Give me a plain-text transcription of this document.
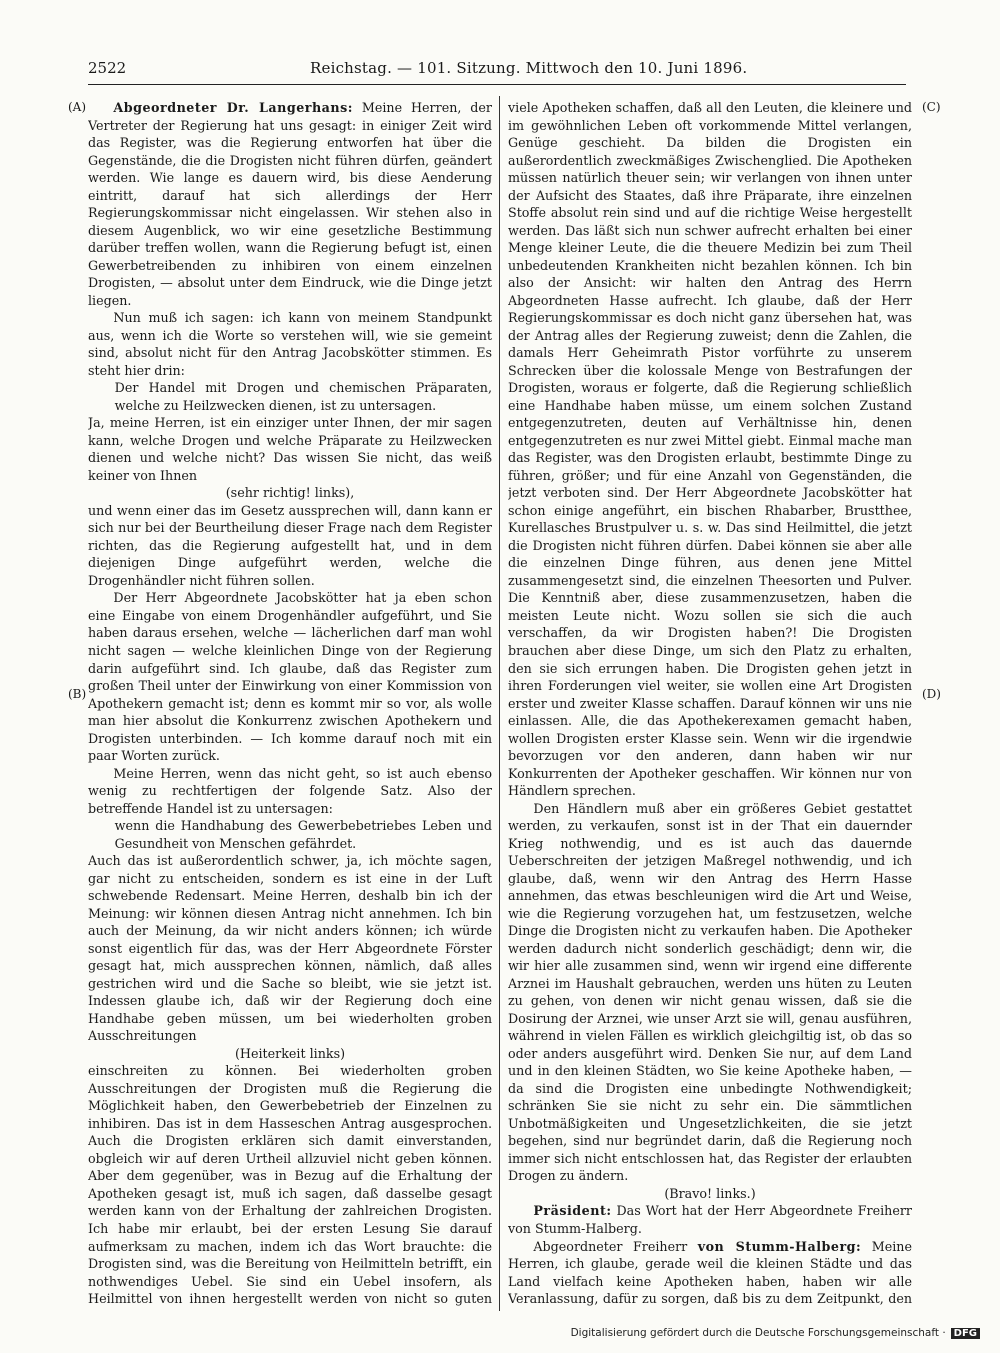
2522	Reichstag. — 101. Sitzung. Mittwoch den 10. Juni 1896.
(A)
(B)
(C)
(D)

Abgeordneter Dr. Langerhans: Meine Herren, der Vertreter der Regierung hat uns gesagt: in einiger Zeit wird das Register, was die Regierung entworfen hat über die Gegenstände, die die Drogisten nicht führen dürfen, geändert werden. Wie lange es dauern wird, bis diese Aenderung eintritt, darauf hat sich allerdings der Herr Regierungskommissar nicht eingelassen. Wir stehen also in diesem Augenblick, wo wir eine gesetzliche Bestimmung darüber treffen wollen, wann die Regierung befugt ist, einen Gewerbetreibenden zu inhibiren von einem einzelnen Drogisten, — absolut unter dem Eindruck, wie die Dinge jetzt liegen.

Nun muß ich sagen: ich kann von meinem Standpunkt aus, wenn ich die Worte so verstehen will, wie sie gemeint sind, absolut nicht für den Antrag Jacobskötter stimmen. Es steht hier drin:

Der Handel mit Drogen und chemischen Präparaten, welche zu Heilzwecken dienen, ist zu untersagen.

Ja, meine Herren, ist ein einziger unter Ihnen, der mir sagen kann, welche Drogen und welche Präparate zu Heilzwecken dienen und welche nicht? Das wissen Sie nicht, das weiß keiner von Ihnen

(sehr richtig! links),

und wenn einer das im Gesetz aussprechen will, dann kann er sich nur bei der Beurtheilung dieser Frage nach dem Register richten, das die Regierung aufgestellt hat, und in dem diejenigen Dinge aufgeführt werden, welche die Drogenhändler nicht führen sollen.

Der Herr Abgeordnete Jacobskötter hat ja eben schon eine Eingabe von einem Drogenhändler aufgeführt, und Sie haben daraus ersehen, welche — lächerlichen darf man wohl nicht sagen — welche kleinlichen Dinge von der Regierung darin aufgeführt sind. Ich glaube, daß das Register zum großen Theil unter der Einwirkung von einer Kommission von Apothekern gemacht ist; denn es kommt mir so vor, als wolle man hier absolut die Konkurrenz zwischen Apothekern und Drogisten unterbinden. — Ich komme darauf noch mit ein paar Worten zurück.

Meine Herren, wenn das nicht geht, so ist auch ebenso wenig zu rechtfertigen der folgende Satz. Also der betreffende Handel ist zu untersagen:

wenn die Handhabung des Gewerbebetriebes Leben und Gesundheit von Menschen gefährdet.

Auch das ist außerordentlich schwer, ja, ich möchte sagen, gar nicht zu entscheiden, sondern es ist eine in der Luft schwebende Redensart. Meine Herren, deshalb bin ich der Meinung: wir können diesen Antrag nicht annehmen. Ich bin auch der Meinung, da wir nicht anders können; ich würde sonst eigentlich für das, was der Herr Abgeordnete Förster gesagt hat, mich aussprechen können, nämlich, daß alles gestrichen wird und die Sache so bleibt, wie sie jetzt ist. Indessen glaube ich, daß wir der Regierung doch eine Handhabe geben müssen, um bei wiederholten groben Ausschreitungen

(Heiterkeit links)

einschreiten zu können. Bei wiederholten groben Ausschreitungen der Drogisten muß die Regierung die Möglichkeit haben, den Gewerbebetrieb der Einzelnen zu inhibiren. Das ist in dem Hasseschen Antrag ausgesprochen. Auch die Drogisten erklären sich damit einverstanden, obgleich wir auf deren Urtheil allzuviel nicht geben können. Aber dem gegenüber, was in Bezug auf die Erhaltung der Apotheken gesagt ist, muß ich sagen, daß dasselbe gesagt werden kann von der Erhaltung der zahlreichen Drogisten. Ich habe mir erlaubt, bei der ersten Lesung Sie darauf aufmerksam zu machen, indem ich das Wort brauchte: die Drogisten sind, was die Bereitung von Heilmitteln betrifft, ein nothwendiges Uebel. Sie sind ein Uebel insofern, als Heilmittel von ihnen hergestellt werden von nicht so guten

viele Apotheken schaffen, daß all den Leuten, die kleinere und im gewöhnlichen Leben oft vorkommende Mittel verlangen, Genüge geschieht. Da bilden die Drogisten ein außerordentlich zweckmäßiges Zwischenglied. Die Apotheken müssen natürlich theuer sein; wir verlangen von ihnen unter der Aufsicht des Staates, daß ihre Präparate, ihre einzelnen Stoffe absolut rein sind und auf die richtige Weise hergestellt werden. Das läßt sich nun schwer aufrecht erhalten bei einer Menge kleiner Leute, die die theuere Medizin bei zum Theil unbedeutenden Krankheiten nicht bezahlen können. Ich bin also der Ansicht: wir halten den Antrag des Herrn Abgeordneten Hasse aufrecht. Ich glaube, daß der Herr Regierungskommissar es doch nicht ganz übersehen hat, was der Antrag alles der Regierung zuweist; denn die Zahlen, die damals Herr Geheimrath Pistor vorführte zu unserem Schrecken über die kolossale Menge von Bestrafungen der Drogisten, woraus er folgerte, daß die Regierung schließlich eine Handhabe haben müsse, um einem solchen Zustand entgegenzutreten, deuten auf Verhältnisse hin, denen entgegenzutreten es nur zwei Mittel giebt. Einmal mache man das Register, was den Drogisten erlaubt, bestimmte Dinge zu führen, größer; und für eine Anzahl von Gegenständen, die jetzt verboten sind. Der Herr Abgeordnete Jacobskötter hat schon einige angeführt, ein bischen Rhabarber, Brustthee, Kurellasches Brustpulver u. s. w. Das sind Heilmittel, die jetzt die Drogisten nicht führen dürfen. Dabei können sie aber alle die einzelnen Dinge führen, aus denen jene Mittel zusammengesetzt sind, die einzelnen Theesorten und Pulver. Die Kenntniß aber, diese zusammenzusetzen, haben die meisten Leute nicht. Wozu sollen sie sich die auch verschaffen, da wir Drogisten haben?! Die Drogisten brauchen aber diese Dinge, um sich den Platz zu erhalten, den sie sich errungen haben. Die Drogisten gehen jetzt in ihren Forderungen viel weiter, sie wollen eine Art Drogisten erster und zweiter Klasse schaffen. Darauf können wir uns nie einlassen. Alle, die das Apothekerexamen gemacht haben, wollen Drogisten erster Klasse sein. Wenn wir die irgendwie bevorzugen vor den anderen, dann haben wir nur Konkurrenten der Apotheker geschaffen. Wir können nur von Händlern sprechen.

Den Händlern muß aber ein größeres Gebiet gestattet werden, zu verkaufen, sonst ist in der That ein dauernder Krieg nothwendig, und es ist auch das dauernde Ueberschreiten der jetzigen Maßregel nothwendig, und ich glaube, daß, wenn wir den Antrag des Herrn Hasse annehmen, das etwas beschleunigen wird die Art und Weise, wie die Regierung vorzugehen hat, um festzusetzen, welche Dinge die Drogisten nicht zu verkaufen haben. Die Apotheker werden dadurch nicht sonderlich geschädigt; denn wir, die wir hier alle zusammen sind, wenn wir irgend eine differente Arznei im Haushalt gebrauchen, werden uns hüten zu Leuten zu gehen, von denen wir nicht genau wissen, daß sie die Dosirung der Arznei, wie unser Arzt sie will, genau ausführen, während in vielen Fällen es wirklich gleichgiltig ist, ob das so oder anders ausgeführt wird. Denken Sie nur, auf dem Land und in den kleinen Städten, wo Sie keine Apotheke haben, — da sind die Drogisten eine unbedingte Nothwendigkeit; schränken Sie sie nicht zu sehr ein. Die sämmtlichen Unbotmäßigkeiten und Ungesetzlichkeiten, die sie jetzt begehen, sind nur begründet darin, daß die Regierung noch immer sich nicht entschlossen hat, das Register der erlaubten Drogen zu ändern.

(Bravo! links.)

Präsident: Das Wort hat der Herr Abgeordnete Freiherr von Stumm-Halberg.

Abgeordneter Freiherr von Stumm-Halberg: Meine Herren, ich glaube, gerade weil die kleinen Städte und das Land vielfach keine Apotheken haben, haben wir alle Veranlassung, dafür zu sorgen, daß bis zu dem Zeitpunkt, den

Digitalisierung gefördert durch die Deutsche Forschungsgemeinschaft · DFG
